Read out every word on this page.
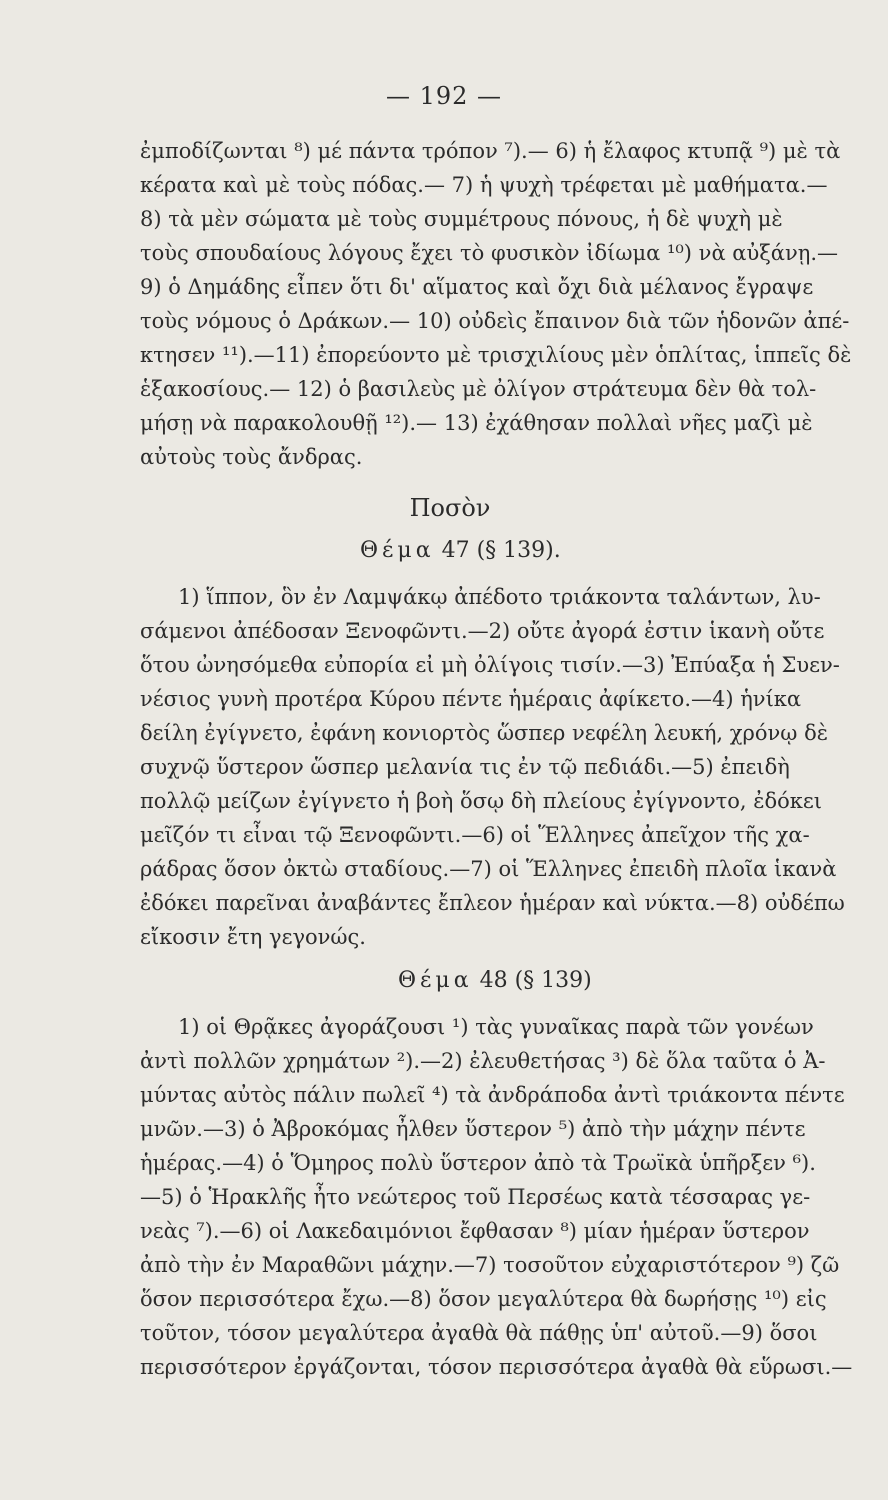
— 192 —
ἐμποδίζωνται ⁸) μέ πάντα τρόπον ⁷).— 6) ἡ ἔλαφος κτυπᾷ ⁹) μὲ τὰ
κέρατα καὶ μὲ τοὺς πόδας.— 7) ἡ ψυχὴ τρέφεται μὲ μαθήματα.—
8) τὰ μὲν σώματα μὲ τοὺς συμμέτρους πόνους, ἡ δὲ ψυχὴ μὲ
τοὺς σπουδαίους λόγους ἔχει τὸ φυσικὸν ἰδίωμα ¹⁰) νὰ αὐξάνῃ.—
9) ὁ Δημάδης εἶπεν ὅτι δι' αἵματος καὶ ὄχι διὰ μέλανος ἔγραψε
τοὺς νόμους ὁ Δράκων.— 10) οὐδεὶς ἔπαινον διὰ τῶν ἡδονῶν ἀπέ-
κτησεν ¹¹).—11) ἐπορεύοντο μὲ τρισχιλίους μὲν ὁπλίτας, ἱππεῖς δὲ
ἑξακοσίους.— 12) ὁ βασιλεὺς μὲ ὀλίγον στράτευμα δὲν θὰ τολ-
μήσῃ νὰ παρακολουθῇ ¹²).— 13) ἐχάθησαν πολλαὶ νῆες μαζὶ μὲ
αὐτοὺς τοὺς ἄνδρας.
Ποσὸν
Θέμα 47 (§ 139).
1) ἵππον, ὃν ἐν Λαμψάκῳ ἀπέδοτο τριάκοντα ταλάντων, λυ-
σάμενοι ἀπέδοσαν Ξενοφῶντι.—2) οὔτε ἀγορά ἐστιν ἱκανὴ οὔτε
ὅτου ὠνησόμεθα εὐπορία εἰ μὴ ὀλίγοις τισίν.—3) Ἐπύαξα ἡ Συεν-
νέσιος γυνὴ προτέρα Κύρου πέντε ἡμέραις ἀφίκετο.—4) ἡνίκα
δείλη ἐγίγνετο, ἐφάνη κονιορτὸς ὥσπερ νεφέλη λευκή, χρόνῳ δὲ
συχνῷ ὕστερον ὥσπερ μελανία τις ἐν τῷ πεδιάδι.—5) ἐπειδὴ
πολλῷ μείζων ἐγίγνετο ἡ βοὴ ὅσῳ δὴ πλείους ἐγίγνοντο, ἐδόκει
μεῖζόν τι εἶναι τῷ Ξενοφῶντι.—6) οἱ Ἕλληνες ἀπεῖχον τῆς χα-
ράδρας ὅσον ὀκτὼ σταδίους.—7) οἱ Ἕλληνες ἐπειδὴ πλοῖα ἱκανὰ
ἐδόκει παρεῖναι ἀναβάντες ἔπλεον ἡμέραν καὶ νύκτα.—8) οὐδέπω
εἴκοσιν ἔτη γεγονώς.
Θέμα 48 (§ 139)
1) οἱ Θρᾷκες ἀγοράζουσι ¹) τὰς γυναῖκας παρὰ τῶν γονέων
ἀντὶ πολλῶν χρημάτων ²).—2) ἐλευθετήσας ³) δὲ ὅλα ταῦτα ὁ Ἀ-
μύντας αὐτὸς πάλιν πωλεῖ ⁴) τὰ ἀνδράποδα ἀντὶ τριάκοντα πέντε
μνῶν.—3) ὁ Ἀβροκόμας ἦλθεν ὕστερον ⁵) ἀπὸ τὴν μάχην πέντε
ἡμέρας.—4) ὁ Ὅμηρος πολὺ ὕστερον ἀπὸ τὰ Τρωϊκὰ ὑπῆρξεν ⁶).
—5) ὁ Ἡρακλῆς ἦτο νεώτερος τοῦ Περσέως κατὰ τέσσαρας γε-
νεὰς ⁷).—6) οἱ Λακεδαιμόνιοι ἔφθασαν ⁸) μίαν ἡμέραν ὕστερον
ἀπὸ τὴν ἐν Μαραθῶνι μάχην.—7) τοσοῦτον εὐχαριστότερον ⁹) ζῶ
ὅσον περισσότερα ἔχω.—8) ὅσον μεγαλύτερα θὰ δωρήσῃς ¹⁰) εἰς
τοῦτον, τόσον μεγαλύτερα ἀγαθὰ θὰ πάθῃς ὑπ' αὐτοῦ.—9) ὅσοι
περισσότερον ἐργάζονται, τόσον περισσότερα ἀγαθὰ θὰ εὕρωσι.—
